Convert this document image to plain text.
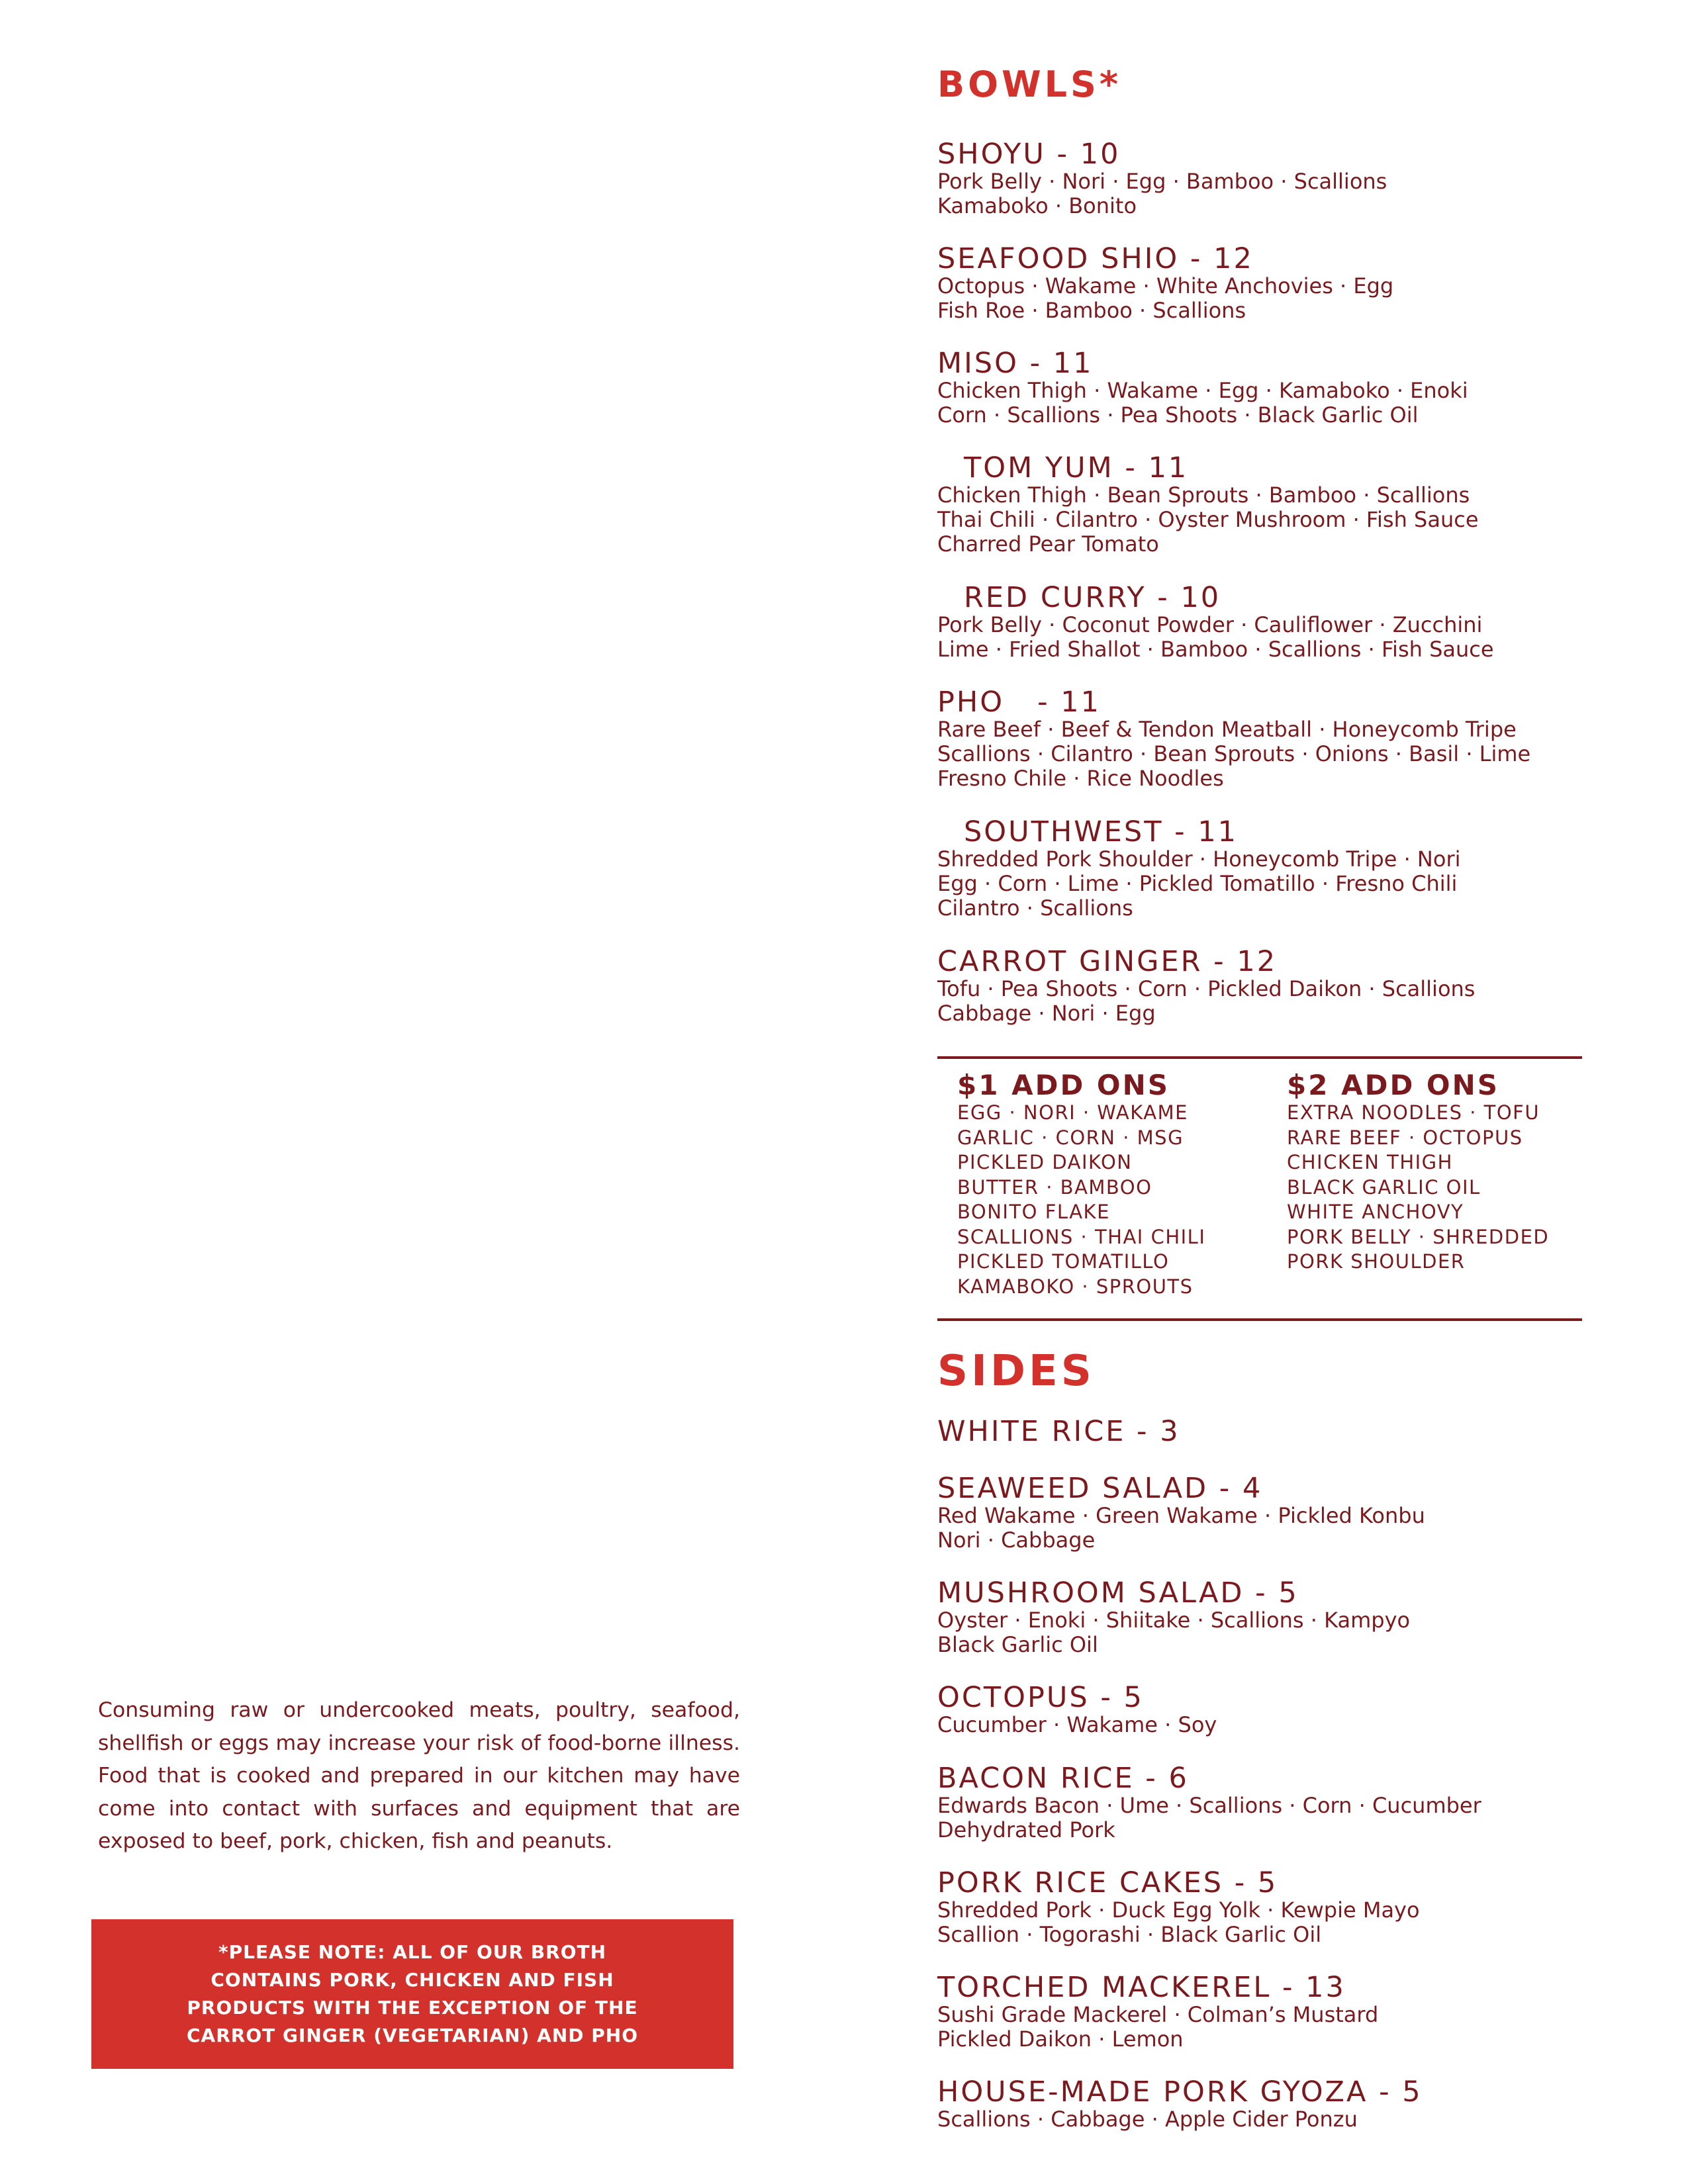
BOWLS*
SHOYU - 10
Pork Belly · Nori · Egg · Bamboo · Scallions
Kamaboko · Bonito
SEAFOOD SHIO - 12
Octopus · Wakame · White Anchovies · Egg
Fish Roe · Bamboo · Scallions
MISO - 11
Chicken Thigh · Wakame · Egg · Kamaboko · Enoki
Corn · Scallions · Pea Shoots · Black Garlic Oil
TOM YUM - 11
Chicken Thigh · Bean Sprouts · Bamboo · Scallions
Thai Chili · Cilantro · Oyster Mushroom · Fish Sauce
Charred Pear Tomato
RED CURRY - 10
Pork Belly · Coconut Powder · Cauliflower · Zucchini
Lime · Fried Shallot · Bamboo · Scallions · Fish Sauce
PHO   - 11
Rare Beef · Beef & Tendon Meatball · Honeycomb Tripe
Scallions · Cilantro · Bean Sprouts · Onions · Basil · Lime
Fresno Chile · Rice Noodles
SOUTHWEST - 11
Shredded Pork Shoulder · Honeycomb Tripe · Nori
Egg · Corn · Lime · Pickled Tomatillo · Fresno Chili
Cilantro · Scallions
CARROT GINGER - 12
Tofu · Pea Shoots · Corn · Pickled Daikon · Scallions
Cabbage · Nori · Egg
$1 ADD ONS
EGG · NORI · WAKAME
GARLIC · CORN · MSG
PICKLED DAIKON
BUTTER · BAMBOO
BONITO FLAKE
SCALLIONS · THAI CHILI
PICKLED TOMATILLO
KAMABOKO · SPROUTS
$2 ADD ONS
EXTRA NOODLES · TOFU
RARE BEEF · OCTOPUS
CHICKEN THIGH
BLACK GARLIC OIL
WHITE ANCHOVY
PORK BELLY · SHREDDED
PORK SHOULDER
SIDES
WHITE RICE - 3
SEAWEED SALAD - 4
Red Wakame · Green Wakame · Pickled Konbu
Nori · Cabbage
MUSHROOM SALAD - 5
Oyster · Enoki · Shiitake · Scallions · Kampyo
Black Garlic Oil
OCTOPUS - 5
Cucumber · Wakame · Soy
BACON RICE - 6
Edwards Bacon · Ume · Scallions · Corn · Cucumber
Dehydrated Pork
PORK RICE CAKES - 5
Shredded Pork · Duck Egg Yolk · Kewpie Mayo
Scallion · Togorashi · Black Garlic Oil
TORCHED MACKEREL - 13
Sushi Grade Mackerel · Colman’s Mustard
Pickled Daikon · Lemon
HOUSE-MADE PORK GYOZA - 5
Scallions · Cabbage · Apple Cider Ponzu
Consuming raw or undercooked meats, poultry, seafood, shellfish or eggs may increase your risk of food-borne illness. Food that is cooked and prepared in our kitchen may have come into contact with surfaces and equipment that are exposed to beef, pork, chicken, fish and peanuts.
*PLEASE NOTE: ALL OF OUR BROTH
CONTAINS PORK, CHICKEN AND FISH
PRODUCTS WITH THE EXCEPTION OF THE
CARROT GINGER (VEGETARIAN) AND PHO
